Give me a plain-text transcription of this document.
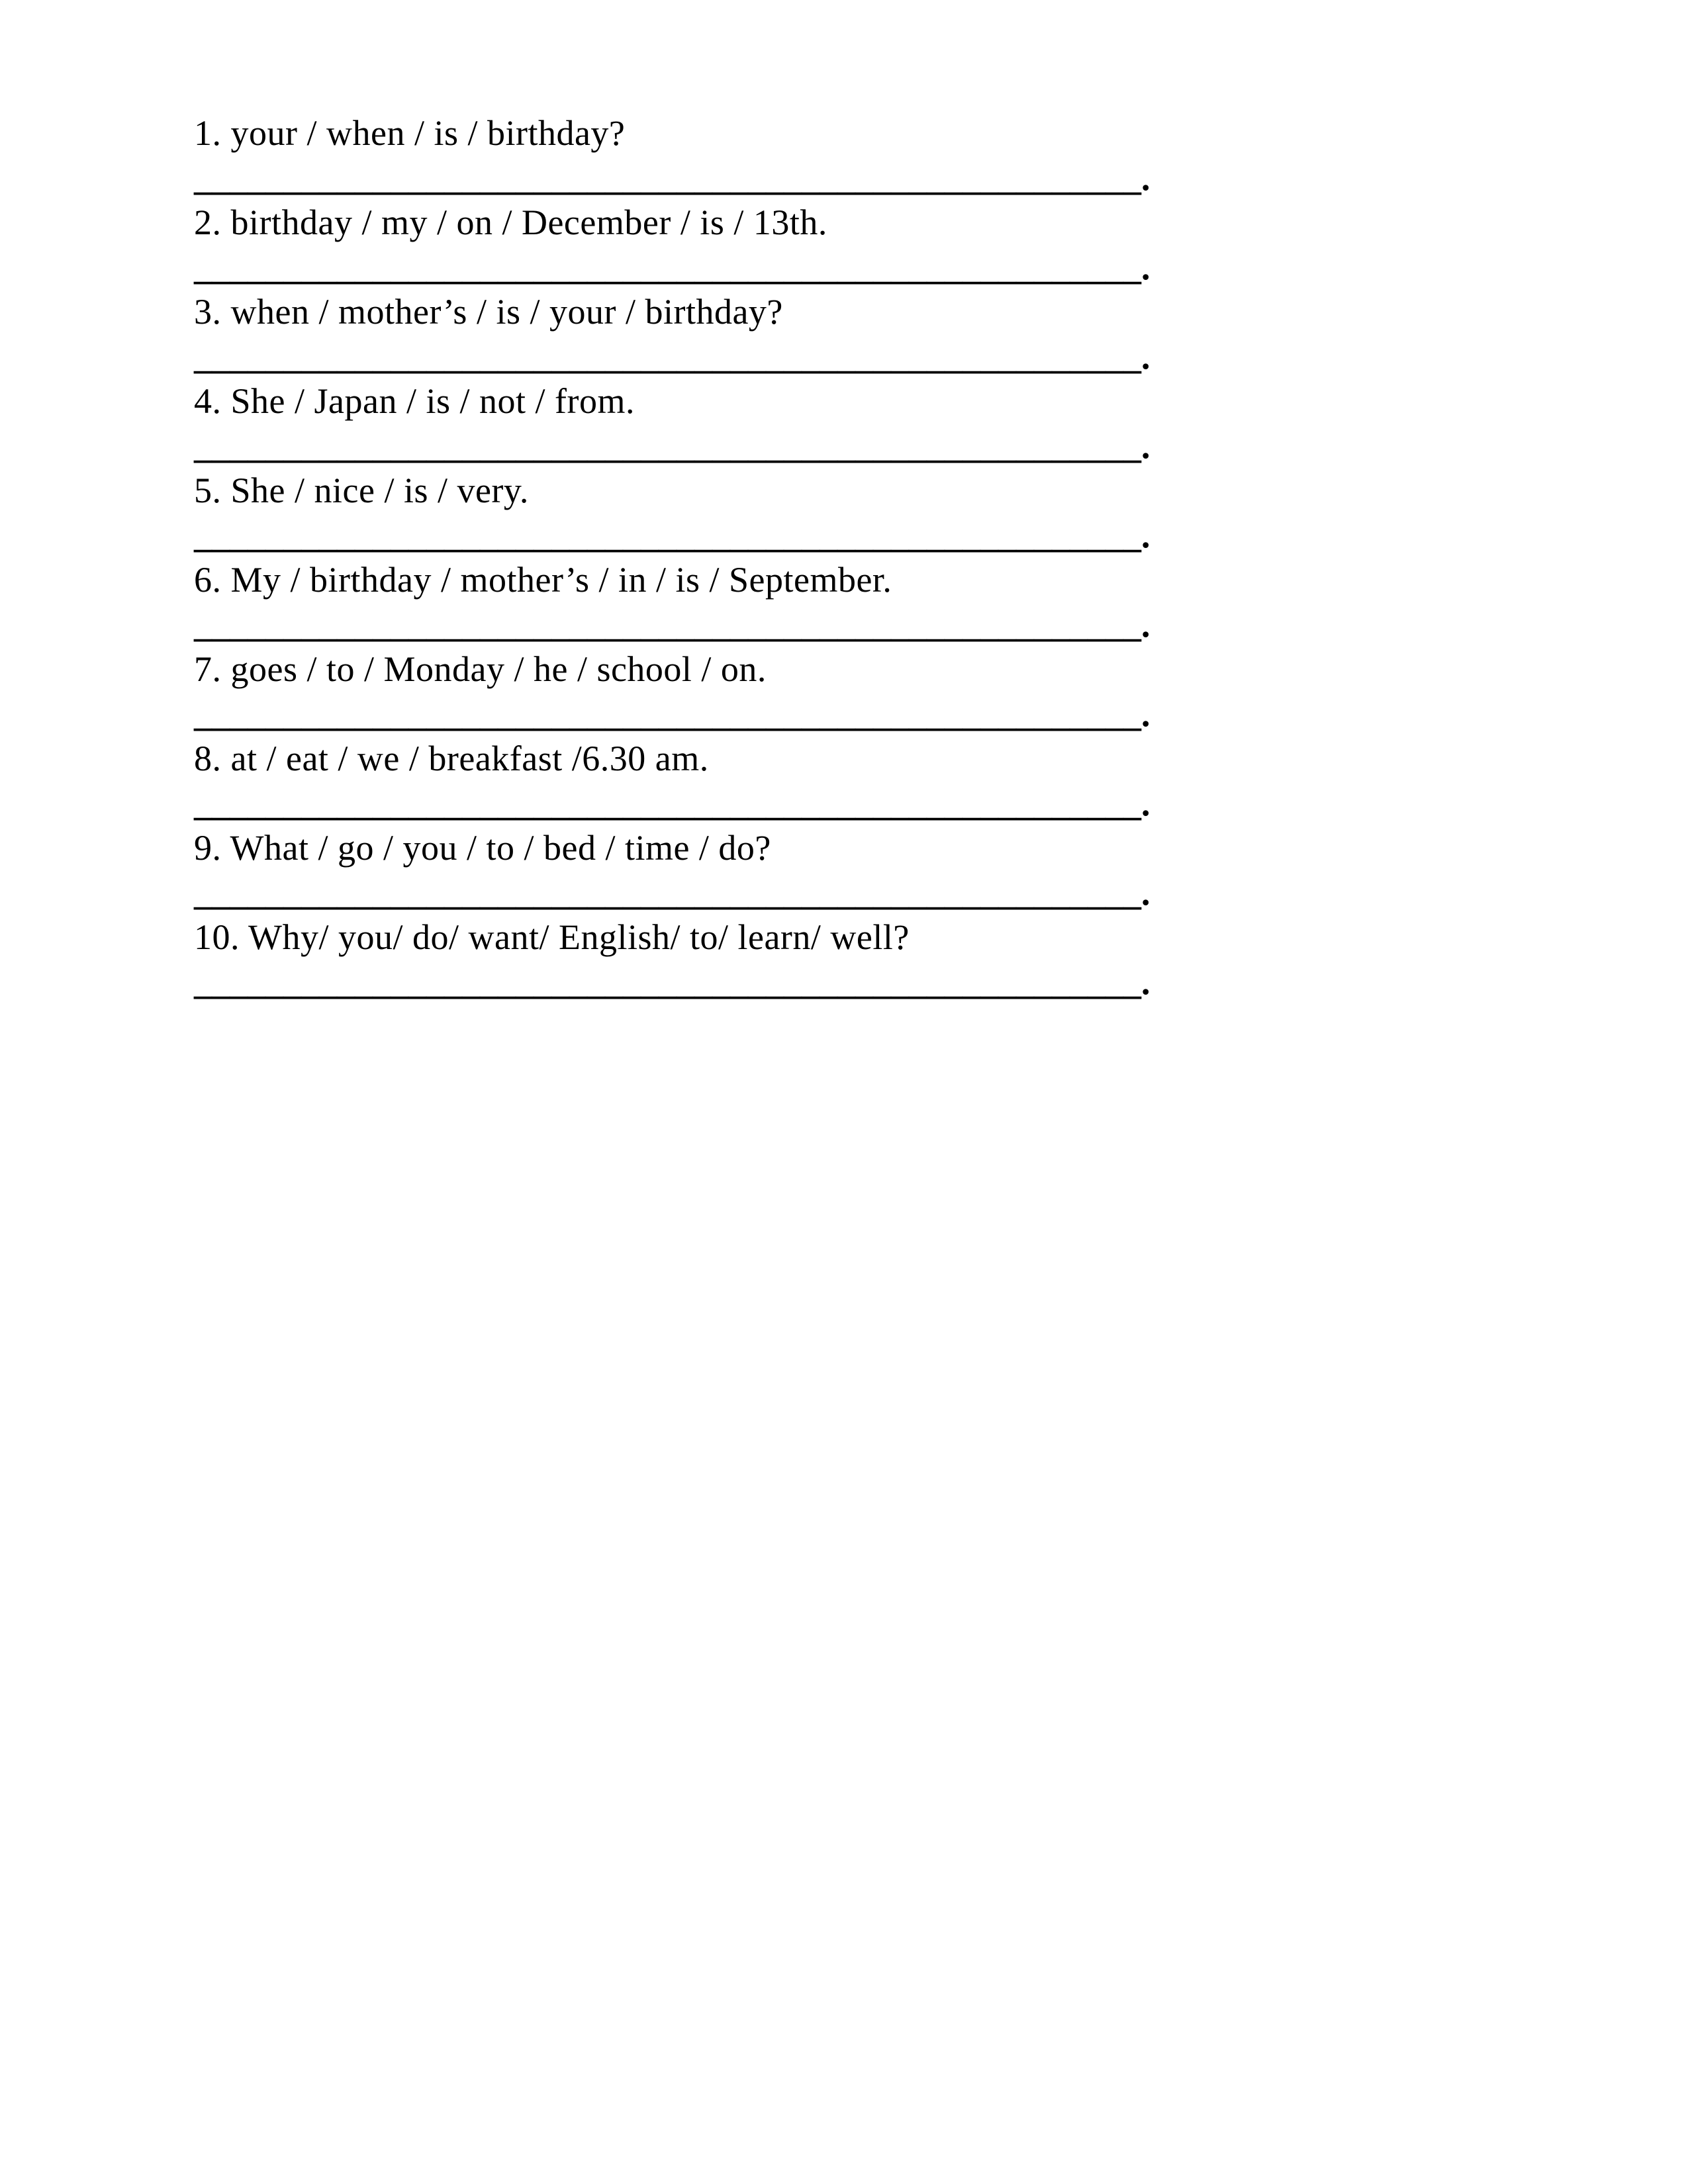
1. your / when / is / birthday?

_____________________________________________________.

2. birthday / my / on / December / is / 13th.

_____________________________________________________.

3. when / mother’s / is / your / birthday?

_____________________________________________________.

4. She / Japan / is / not / from.

_____________________________________________________.

5. She / nice / is / very.

_____________________________________________________.

6. My / birthday / mother’s / in / is / September.

_____________________________________________________.

7. goes / to / Monday / he / school / on.

_____________________________________________________.

8. at / eat / we / breakfast /6.30 am.

_____________________________________________________.

9. What / go / you / to / bed / time / do?

_____________________________________________________.

10. Why/ you/ do/ want/ English/ to/ learn/ well?

_____________________________________________________.
